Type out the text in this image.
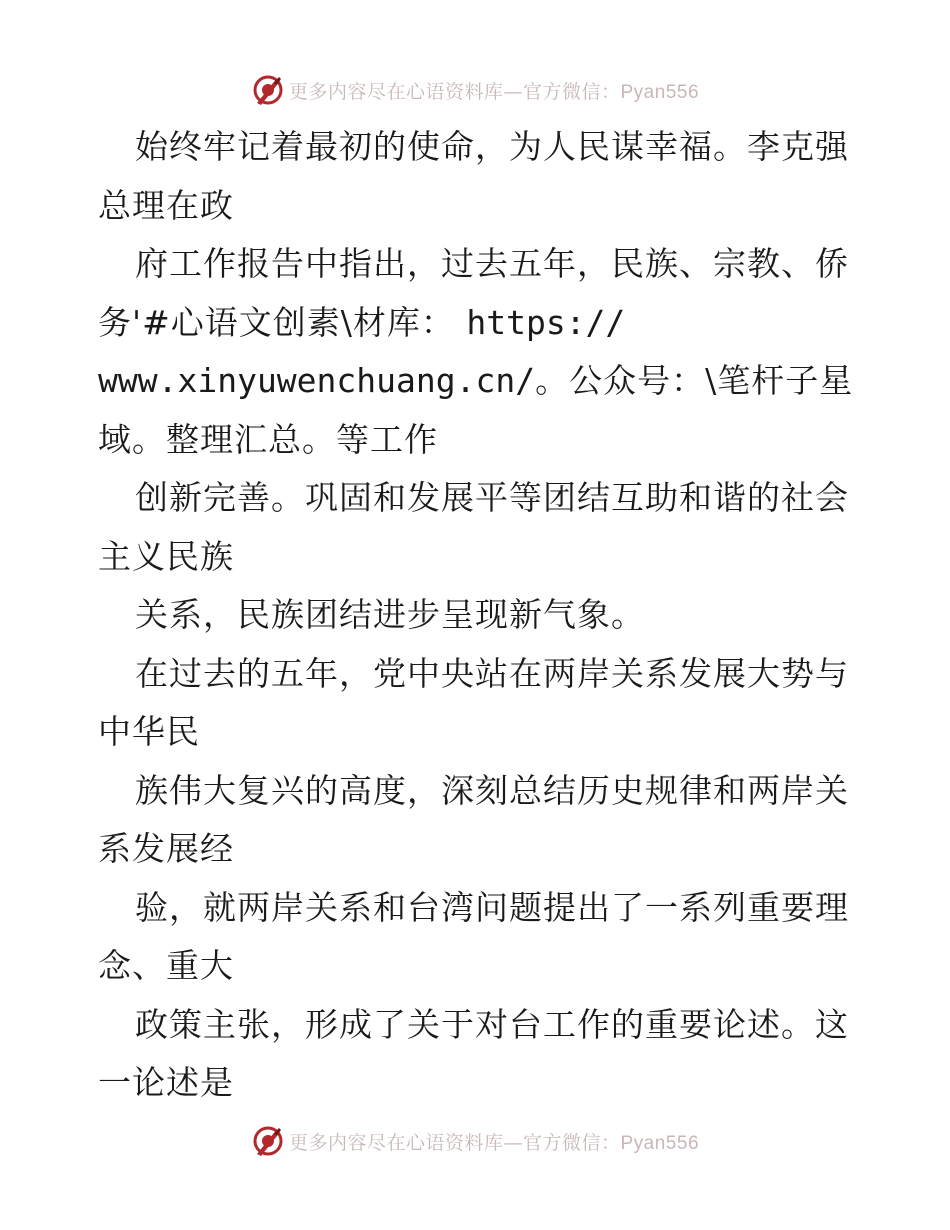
更多内容尽在心语资料库—官方微信：Pyan556
始终牢记着最初的使命，为人民谋幸福。李克强
总理在政
府工作报告中指出，过去五年，民族、宗教、侨
务'#心语文创素\材库： https://
www.xinyuwenchuang.cn/。公众号：\笔杆子星
域。整理汇总。等工作
创新完善。巩固和发展平等团结互助和谐的社会
主义民族
关系，民族团结进步呈现新气象。
在过去的五年，党中央站在两岸关系发展大势与
中华民
族伟大复兴的高度，深刻总结历史规律和两岸关
系发展经
验，就两岸关系和台湾问题提出了一系列重要理
念、重大
政策主张，形成了关于对台工作的重要论述。这
一论述是
更多内容尽在心语资料库—官方微信：Pyan556
